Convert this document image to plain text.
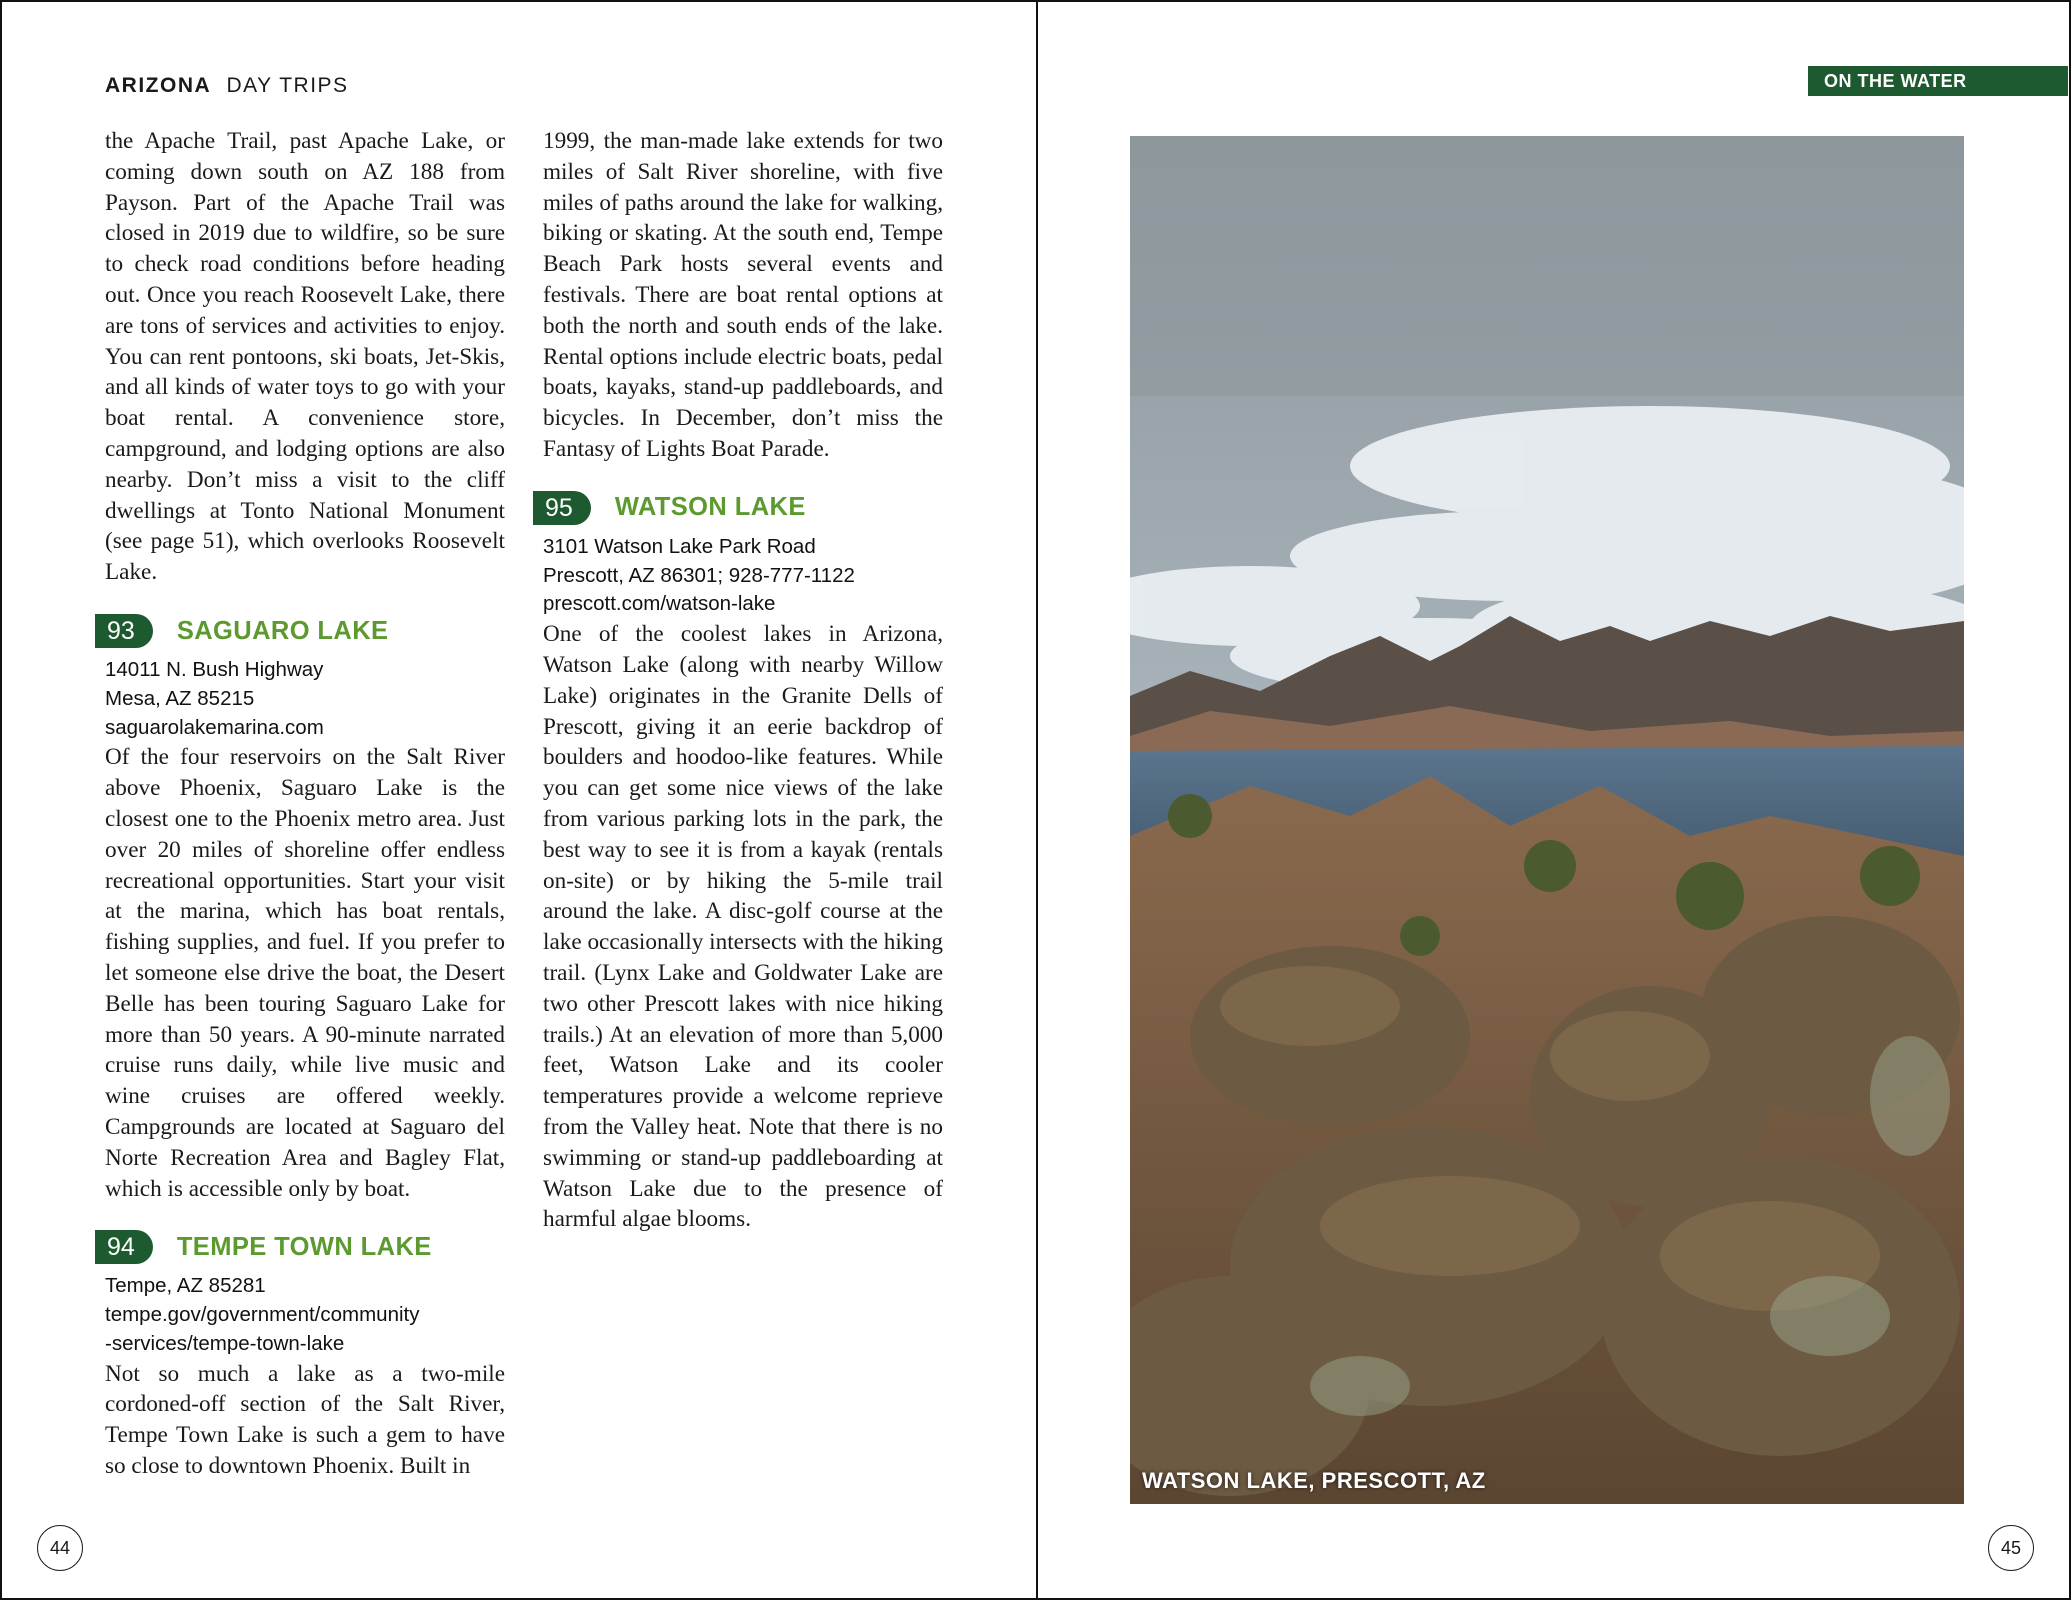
ARIZONA DAY TRIPS

the Apache Trail, past Apache Lake, or coming down south on AZ 188 from Payson. Part of the Apache Trail was closed in 2019 due to wildfire, so be sure to check road conditions before heading out. Once you reach Roosevelt Lake, there are tons of services and activities to enjoy. You can rent pontoons, ski boats, Jet-Skis, and all kinds of water toys to go with your boat rental. A convenience store, campground, and lodging options are also nearby. Don’t miss a visit to the cliff dwellings at Tonto National Monument (see page 51), which overlooks Roosevelt Lake.

93	SAGUARO LAKE
14011 N. Bush Highway
Mesa, AZ 85215
saguarolakemarina.com

Of the four reservoirs on the Salt River above Phoenix, Saguaro Lake is the closest one to the Phoenix metro area. Just over 20 miles of shoreline offer endless recreational opportunities. Start your visit at the marina, which has boat rentals, fishing supplies, and fuel. If you prefer to let someone else drive the boat, the Desert Belle has been touring Saguaro Lake for more than 50 years. A 90-minute narrated cruise runs daily, while live music and wine cruises are offered weekly. Campgrounds are located at Saguaro del Norte Recreation Area and Bagley Flat, which is accessible only by boat.

94	TEMPE TOWN LAKE
Tempe, AZ 85281
tempe.gov/government/community
-services/tempe-town-lake

Not so much a lake as a two-mile cordoned-off section of the Salt River, Tempe Town Lake is such a gem to have so close to downtown Phoenix. Built in

1999, the man-made lake extends for two miles of Salt River shoreline, with five miles of paths around the lake for walking, biking or skating. At the south end, Tempe Beach Park hosts several events and festivals. There are boat rental options at both the north and south ends of the lake. Rental options include electric boats, pedal boats, kayaks, stand-up paddleboards, and bicycles. In December, don’t miss the Fantasy of Lights Boat Parade.

95	WATSON LAKE
3101 Watson Lake Park Road
Prescott, AZ 86301; 928-777-1122
prescott.com/watson-lake

One of the coolest lakes in Arizona, Watson Lake (along with nearby Willow Lake) originates in the Granite Dells of Prescott, giving it an eerie backdrop of boulders and hoodoo-like features. While you can get some nice views of the lake from various parking lots in the park, the best way to see it is from a kayak (rentals on-site) or by hiking the 5-mile trail around the lake. A disc-golf course at the lake occasionally intersects with the hiking trail. (Lynx Lake and Goldwater Lake are two other Prescott lakes with nice hiking trails.) At an elevation of more than 5,000 feet, Watson Lake and its cooler temperatures provide a welcome reprieve from the Valley heat. Note that there is no swimming or stand-up paddleboarding at Watson Lake due to the presence of harmful algae blooms.

44
ON THE WATER
WATSON LAKE, PRESCOTT, AZ
45
